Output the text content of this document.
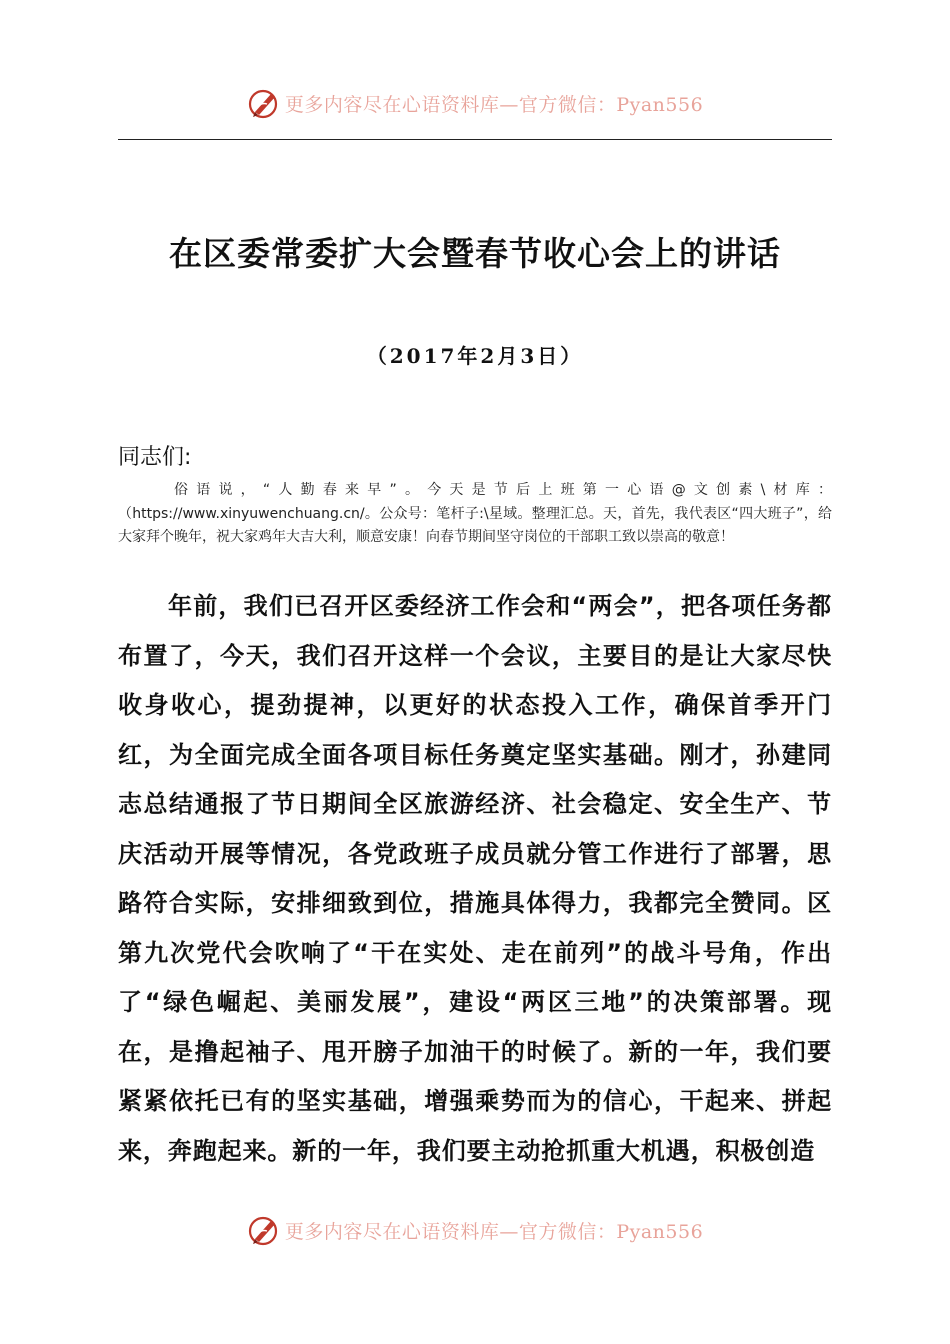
更多内容尽在心语资料库—官方微信：Pyan556
在区委常委扩大会暨春节收心会上的讲话
（2017年2月3日）
同志们:

俗语说，“人勤春来早”。今天是节后上班第一心语@文创素\材库：（https://www.xinyuwenchuang.cn/。公众号：笔杆子:\星域。整理汇总。天，首先，我代表区“四大班子”，给大家拜个晚年，祝大家鸡年大吉大利，顺意安康！向春节期间坚守岗位的干部职工致以崇高的敬意！

年前，我们已召开区委经济工作会和“两会”，把各项任务都布置了，今天，我们召开这样一个会议，主要目的是让大家尽快收身收心，提劲提神，以更好的状态投入工作，确保首季开门红，为全面完成全面各项目标任务奠定坚实基础。刚才，孙建同志总结通报了节日期间全区旅游经济、社会稳定、安全生产、节庆活动开展等情况，各党政班子成员就分管工作进行了部署，思路符合实际，安排细致到位，措施具体得力，我都完全赞同。区第九次党代会吹响了“干在实处、走在前列”的战斗号角，作出了“绿色崛起、美丽发展”，建设“两区三地”的决策部署。现在，是撸起袖子、甩开膀子加油干的时候了。新的一年，我们要紧紧依托已有的坚实基础，增强乘势而为的信心，干起来、拼起来，奔跑起来。新的一年，我们要主动抢抓重大机遇，积极创造

更多内容尽在心语资料库—官方微信：Pyan556
